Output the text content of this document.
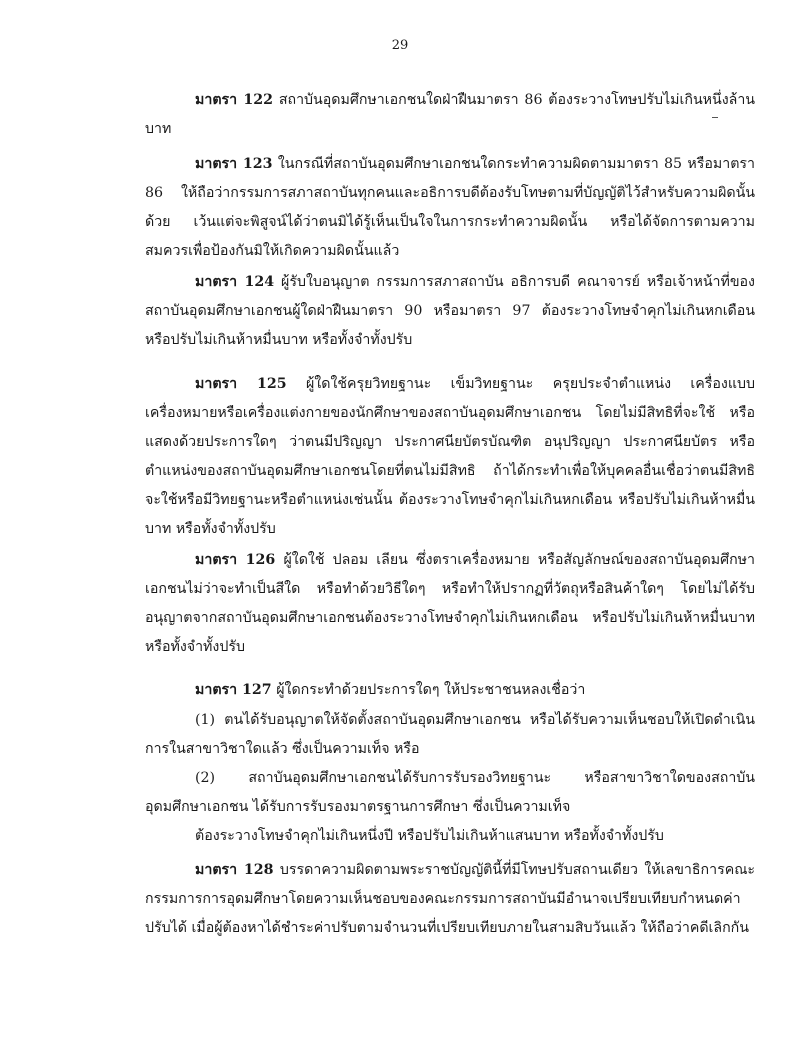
29

มาตรา 122 สถาบันอุดมศึกษาเอกชนใดฝ่าฝืนมาตรา 86 ต้องระวางโทษปรับไม่เกินหนึ่งล้านบาท

มาตรา 123 ในกรณีที่สถาบันอุดมศึกษาเอกชนใดกระทำความผิดตามมาตรา 85 หรือมาตรา 86 ให้ถือว่ากรรมการสภาสถาบันทุกคนและอธิการบดีต้องรับโทษตามที่บัญญัติไว้สำหรับความผิดนั้นด้วย เว้นแต่จะพิสูจน์ได้ว่าตนมิได้รู้เห็นเป็นใจในการกระทำความผิดนั้น หรือได้จัดการตามความสมควรเพื่อป้องกันมิให้เกิดความผิดนั้นแล้ว

มาตรา 124 ผู้รับใบอนุญาต กรรมการสภาสถาบัน อธิการบดี คณาจารย์ หรือเจ้าหน้าที่ของสถาบันอุดมศึกษาเอกชนผู้ใดฝ่าฝืนมาตรา 90 หรือมาตรา 97 ต้องระวางโทษจำคุกไม่เกินหกเดือน หรือปรับไม่เกินห้าหมื่นบาท หรือทั้งจำทั้งปรับ

มาตรา 125 ผู้ใดใช้ครุยวิทยฐานะ เข็มวิทยฐานะ ครุยประจำตำแหน่ง เครื่องแบบ เครื่องหมายหรือเครื่องแต่งกายของนักศึกษาของสถาบันอุดมศึกษาเอกชน โดยไม่มีสิทธิที่จะใช้ หรือแสดงด้วยประการใดๆ ว่าตนมีปริญญา ประกาศนียบัตรบัณฑิต อนุปริญญา ประกาศนียบัตร หรือตำแหน่งของสถาบันอุดมศึกษาเอกชนโดยที่ตนไม่มีสิทธิ ถ้าได้กระทำเพื่อให้บุคคลอื่นเชื่อว่าตนมีสิทธิจะใช้หรือมีวิทยฐานะหรือตำแหน่งเช่นนั้น ต้องระวางโทษจำคุกไม่เกินหกเดือน หรือปรับไม่เกินห้าหมื่นบาท หรือทั้งจำทั้งปรับ

มาตรา 126 ผู้ใดใช้ ปลอม เลียน ซึ่งตราเครื่องหมาย หรือสัญลักษณ์ของสถาบันอุดมศึกษาเอกชนไม่ว่าจะทำเป็นสีใด หรือทำด้วยวิธีใดๆ หรือทำให้ปรากฏที่วัตถุหรือสินค้าใดๆ โดยไม่ได้รับอนุญาตจากสถาบันอุดมศึกษาเอกชนต้องระวางโทษจำคุกไม่เกินหกเดือน หรือปรับไม่เกินห้าหมื่นบาท หรือทั้งจำทั้งปรับ

มาตรา 127 ผู้ใดกระทำด้วยประการใดๆ ให้ประชาชนหลงเชื่อว่า

(1) ตนได้รับอนุญาตให้จัดตั้งสถาบันอุดมศึกษาเอกชน หรือได้รับความเห็นชอบให้เปิดดำเนินการในสาขาวิชาใดแล้ว ซึ่งเป็นความเท็จ หรือ

(2) สถาบันอุดมศึกษาเอกชนได้รับการรับรองวิทยฐานะ หรือสาขาวิชาใดของสถาบันอุดมศึกษาเอกชน ได้รับการรับรองมาตรฐานการศึกษา ซึ่งเป็นความเท็จ

ต้องระวางโทษจำคุกไม่เกินหนึ่งปี หรือปรับไม่เกินห้าแสนบาท หรือทั้งจำทั้งปรับ

มาตรา 128 บรรดาความผิดตามพระราชบัญญัตินี้ที่มีโทษปรับสถานเดียว ให้เลขาธิการคณะกรรมการการอุดมศึกษาโดยความเห็นชอบของคณะกรรมการสถาบันมีอำนาจเปรียบเทียบกำหนดค่าปรับได้ เมื่อผู้ต้องหาได้ชำระค่าปรับตามจำนวนที่เปรียบเทียบภายในสามสิบวันแล้ว ให้ถือว่าคดีเลิกกัน
